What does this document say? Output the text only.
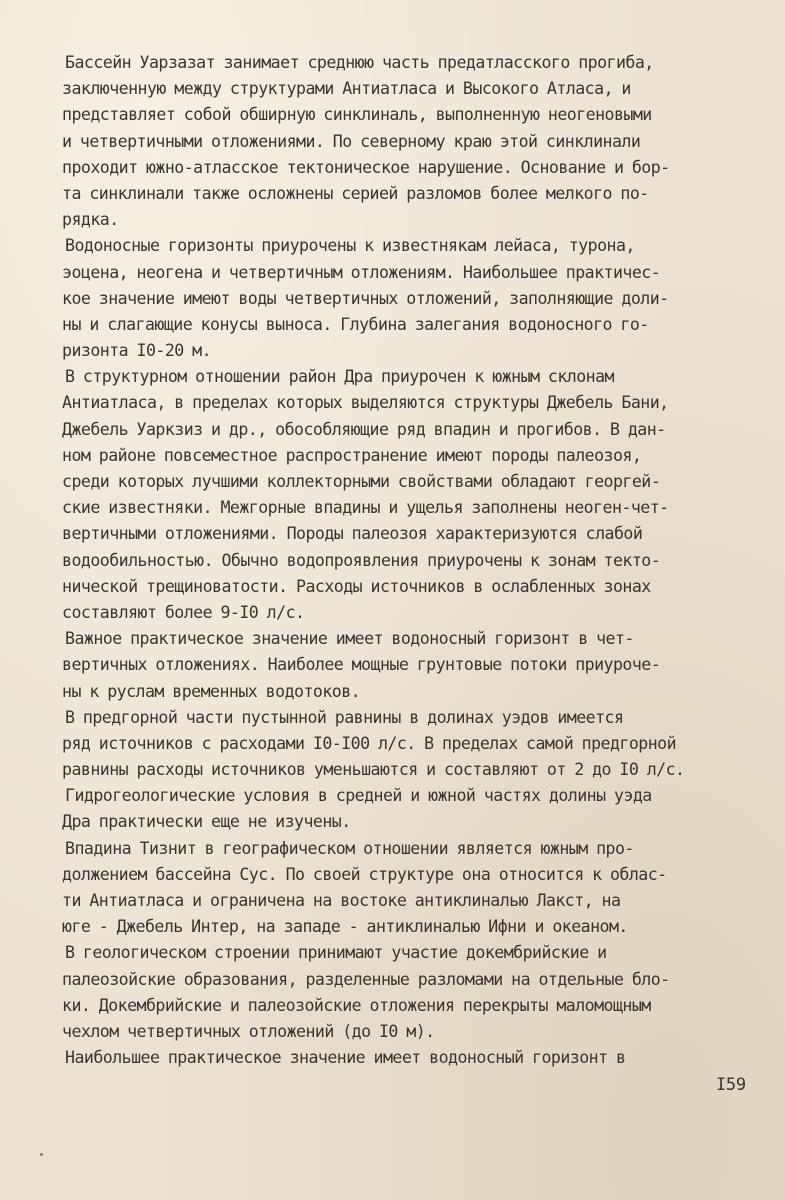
Бассейн Уарзазат занимает среднюю часть предатласского прогиба,
заключенную между структурами Антиатласа и Высокого Атласа, и
представляет собой обширную синклиналь, выполненную неогеновыми
и четвертичными отложениями. По северному краю этой синклинали
проходит южно-атласское тектоническое нарушение. Основание и бор-
та синклинали также осложнены серией разломов более мелкого по-
рядка.
Водоносные горизонты приурочены к известнякам лейаса, турона,
эоцена, неогена и четвертичным отложениям. Наибольшее практичес-
кое значение имеют воды четвертичных отложений, заполняющие доли-
ны и слагающие конусы выноса. Глубина залегания водоносного го-
ризонта I0-20 м.
В структурном отношении район Дра приурочен к южным склонам
Антиатласа, в пределах которых выделяются структуры Джебель Бани,
Джебель Уаркзиз и др., обособляющие ряд впадин и прогибов. В дан-
ном районе повсеместное распространение имеют породы палеозоя,
среди которых лучшими коллекторными свойствами обладают георгей-
ские известняки. Межгорные впадины и ущелья заполнены неоген-чет-
вертичными отложениями. Породы палеозоя характеризуются слабой
водообильностью. Обычно водопроявления приурочены к зонам текто-
нической трещиноватости. Расходы источников в ослабленных зонах
составляют более 9-I0 л/с.
Важное практическое значение имеет водоносный горизонт в чет-
вертичных отложениях. Наиболее мощные грунтовые потоки приуроче-
ны к руслам временных водотоков.
В предгорной части пустынной равнины в долинах уэдов имеется
ряд источников с расходами I0-I00 л/с. В пределах самой предгорной
равнины расходы источников уменьшаются и составляют от 2 до I0 л/с.
Гидрогеологические условия в средней и южной частях долины уэда
Дра практически еще не изучены.
Впадина Тизнит в географическом отношении является южным про-
должением бассейна Сус. По своей структуре она относится к облас-
ти Антиатласа и ограничена на востоке антиклиналью Лакст, на
юге - Джебель Интер, на западе - антиклиналью Ифни и океаном.
В геологическом строении принимают участие докембрийские и
палеозойские образования, разделенные разломами на отдельные бло-
ки. Докембрийские и палеозойские отложения перекрыты маломощным
чехлом четвертичных отложений (до I0 м).
Наибольшее практическое значение имеет водоносный горизонт в
I59
